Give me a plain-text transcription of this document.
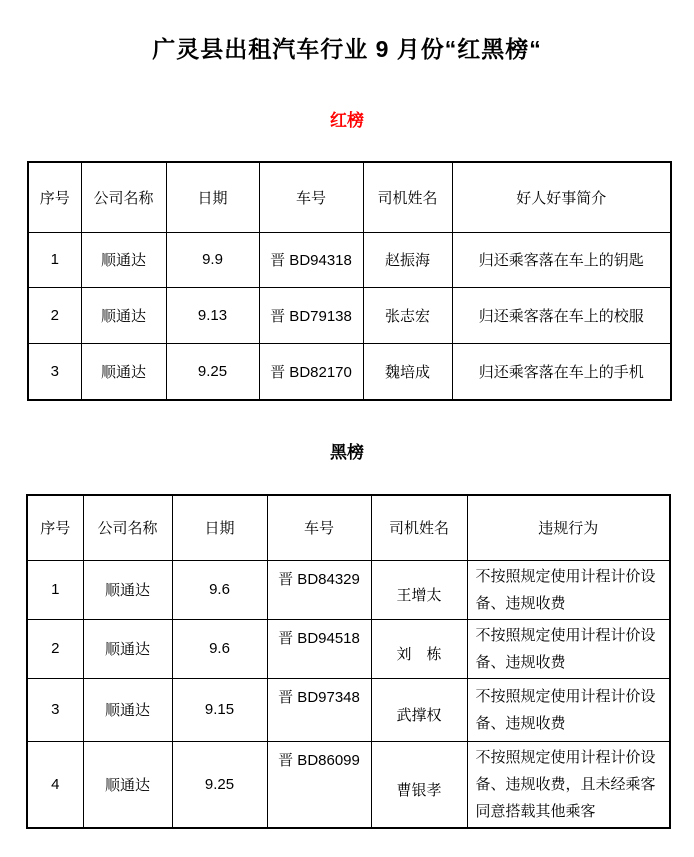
广灵县出租汽车行业 9 月份“红黑榜“
红榜
序号	公司名称	日期	车号	司机姓名	好人好事简介
1	顺通达	9.9	晋 BD94318	赵振海	归还乘客落在车上的钥匙
2	顺通达	9.13	晋 BD79138	张志宏	归还乘客落在车上的校服
3	顺通达	9.25	晋 BD82170	魏培成	归还乘客落在车上的手机
黑榜
序号	公司名称	日期	车号	司机姓名	违规行为
1	顺通达	9.6	晋 BD84329	王增太	不按照规定使用计程计价设备、违规收费
2	顺通达	9.6	晋 BD94518	刘　栋	不按照规定使用计程计价设备、违规收费
3	顺通达	9.15	晋 BD97348	武撑权	不按照规定使用计程计价设备、违规收费
4	顺通达	9.25	晋 BD86099	曹银孝	不按照规定使用计程计价设备、违规收费，且未经乘客同意搭载其他乘客
